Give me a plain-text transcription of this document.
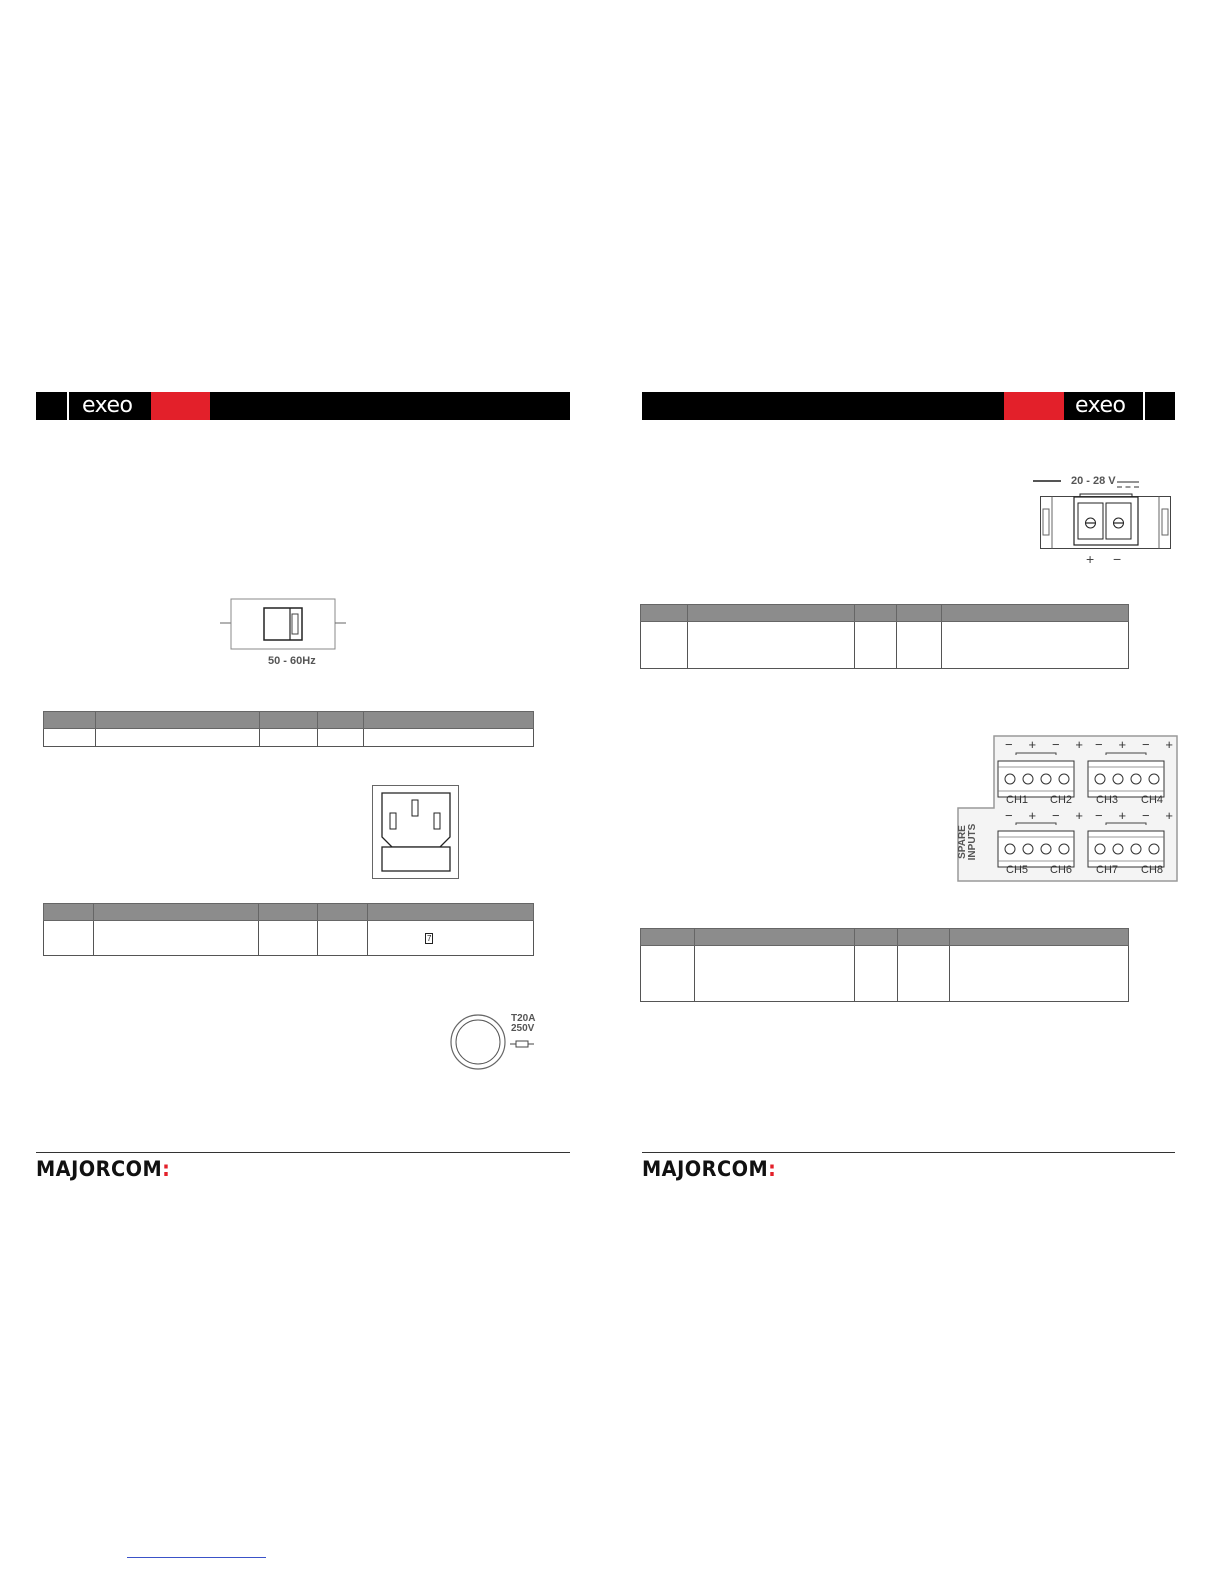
exeo
50 - 60Hz

				7
T20A
250V
MAJORCOM:
exeo
20 - 28 V
+ −

− + − + − + − +
− + − + − + − +
CH1 CH2 CH3 CH4
CH5 CH6 CH7 CH8
SPARE INPUTS

MAJORCOM:
